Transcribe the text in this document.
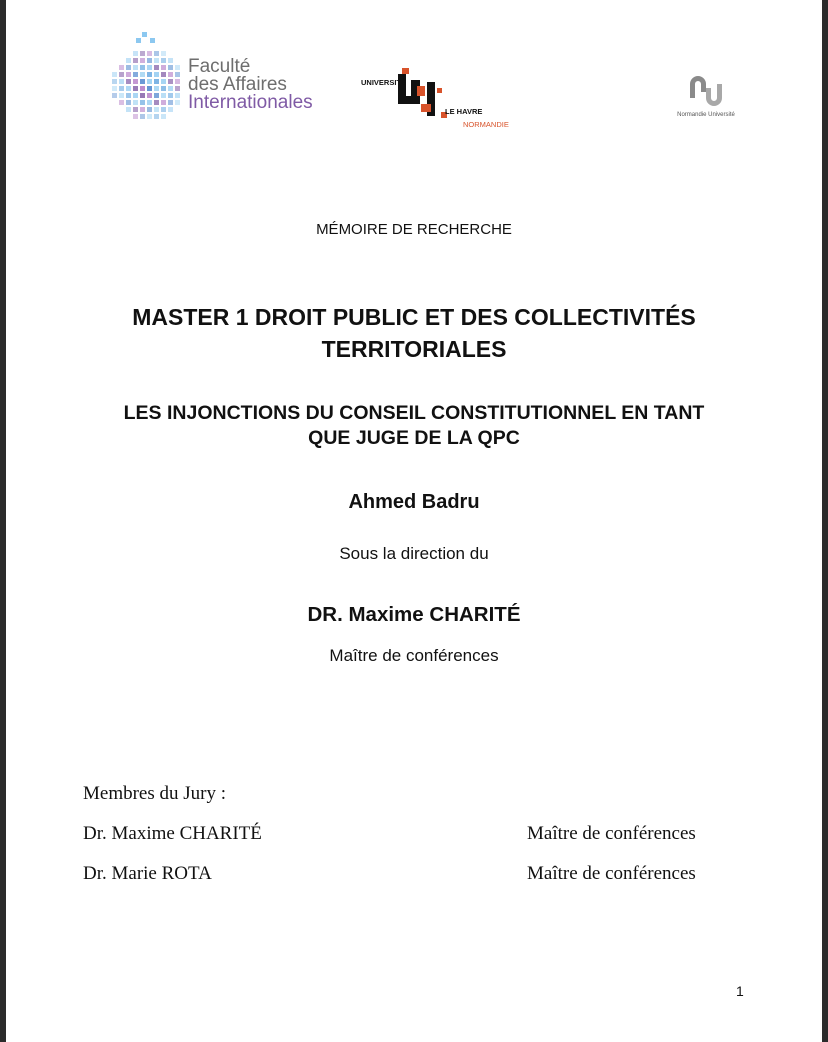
Faculté
des Affaires
Internationales
UNIVERSITÉ
LE HAVRE
NORMANDIE
Normandie Université
MÉMOIRE DE RECHERCHE
MASTER 1 DROIT PUBLIC ET DES COLLECTIVITÉS
TERRITORIALES
LES INJONCTIONS DU CONSEIL CONSTITUTIONNEL EN TANT
QUE JUGE DE LA QPC
Ahmed Badru
Sous la direction du
DR. Maxime CHARITÉ
Maître de conférences
Membres du Jury :
Dr. Maxime CHARITÉ	Maître de conférences
Dr. Marie ROTA	Maître de conférences
1
